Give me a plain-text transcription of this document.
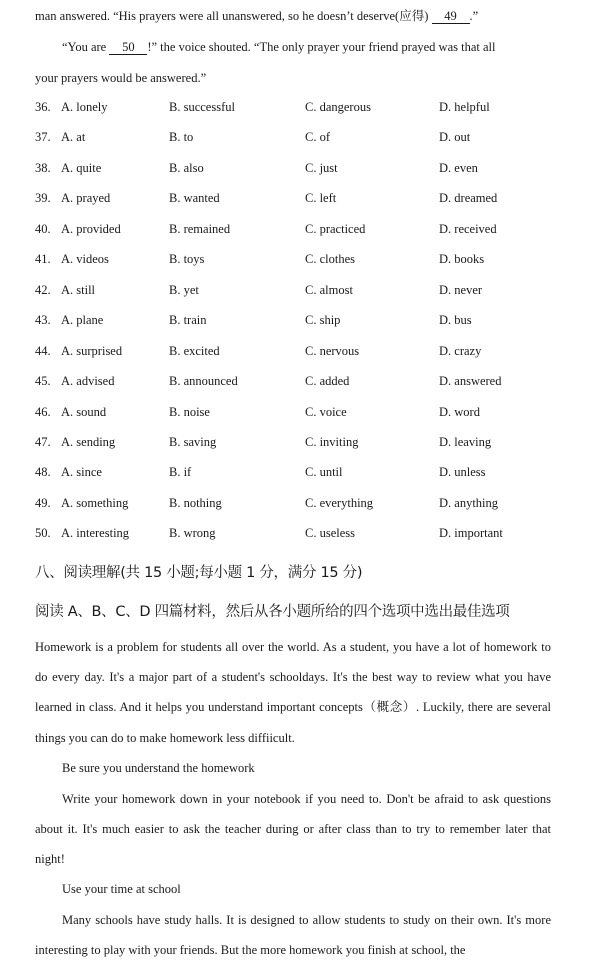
man answered. “His prayers were all unanswered, so he doesn’t deserve(应得) 49 .”
“You are 50 !” the voice shouted. “The only prayer your friend prayed was that all
your prayers would be answered.”
36. A. lonely	B. successful	C. dangerous	D. helpful
37. A. at	B. to	C. of	D. out
38. A. quite	B. also	C. just	D. even
39. A. prayed	B. wanted	C. left	D. dreamed
40. A. provided	B. remained	C. practiced	D. received
41. A. videos	B. toys	C. clothes	D. books
42. A. still	B. yet	C. almost	D. never
43. A. plane	B. train	C. ship	D. bus
44. A. surprised	B. excited	C. nervous	D. crazy
45. A. advised	B. announced	C. added	D. answered
46. A. sound	B. noise	C. voice	D. word
47. A. sending	B. saving	C. inviting	D. leaving
48. A. since	B. if	C. until	D. unless
49. A. something	B. nothing	C. everything	D. anything
50. A. interesting	B. wrong	C. useless	D. important
八、阅读理解(共 15 小题;每小题 1 分，满分 15 分)
阅读 A、B、C、D 四篇材料，然后从各小题所给的四个选项中选出最佳选项
Homework is a problem for students all over the world. As a student, you have a lot of homework to do every day. It's a major part of a student's schooldays. It's the best way to review what you have learned in class. And it helps you understand important concepts（概念）. Luckily, there are several things you can do to make homework less diffiicult.
Be sure you understand the homework
Write your homework down in your notebook if you need to. Don't be afraid to ask questions about it. It's much easier to ask the teacher during or after class than to try to remember later that night!
Use your time at school
Many schools have study halls. It is designed to allow students to study on their own. It's more interesting to play with your friends. But the more homework you finish at school, the
